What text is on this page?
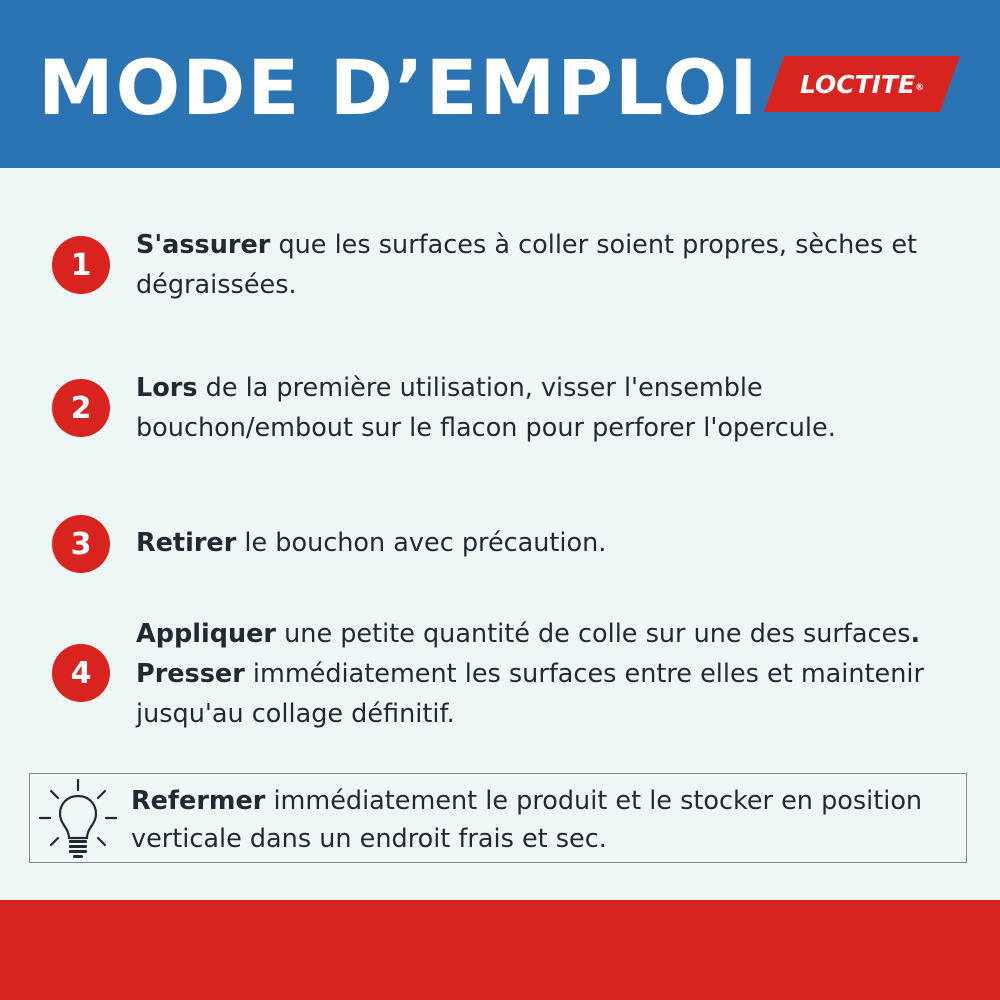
MODE D’EMPLOI LOCTITE ®
1
S'assurer que les surfaces à coller soient propres, sèches et dégraissées.
2
Lors de la première utilisation, visser l'ensemble bouchon/embout sur le flacon pour perforer l'opercule.
3	Retirer le bouchon avec précaution.
4
Appliquer une petite quantité de colle sur une des surfaces.
Presser immédiatement les surfaces entre elles et maintenir jusqu'au collage définitif.
Refermer immédiatement le produit et le stocker en position verticale dans un endroit frais et sec.
